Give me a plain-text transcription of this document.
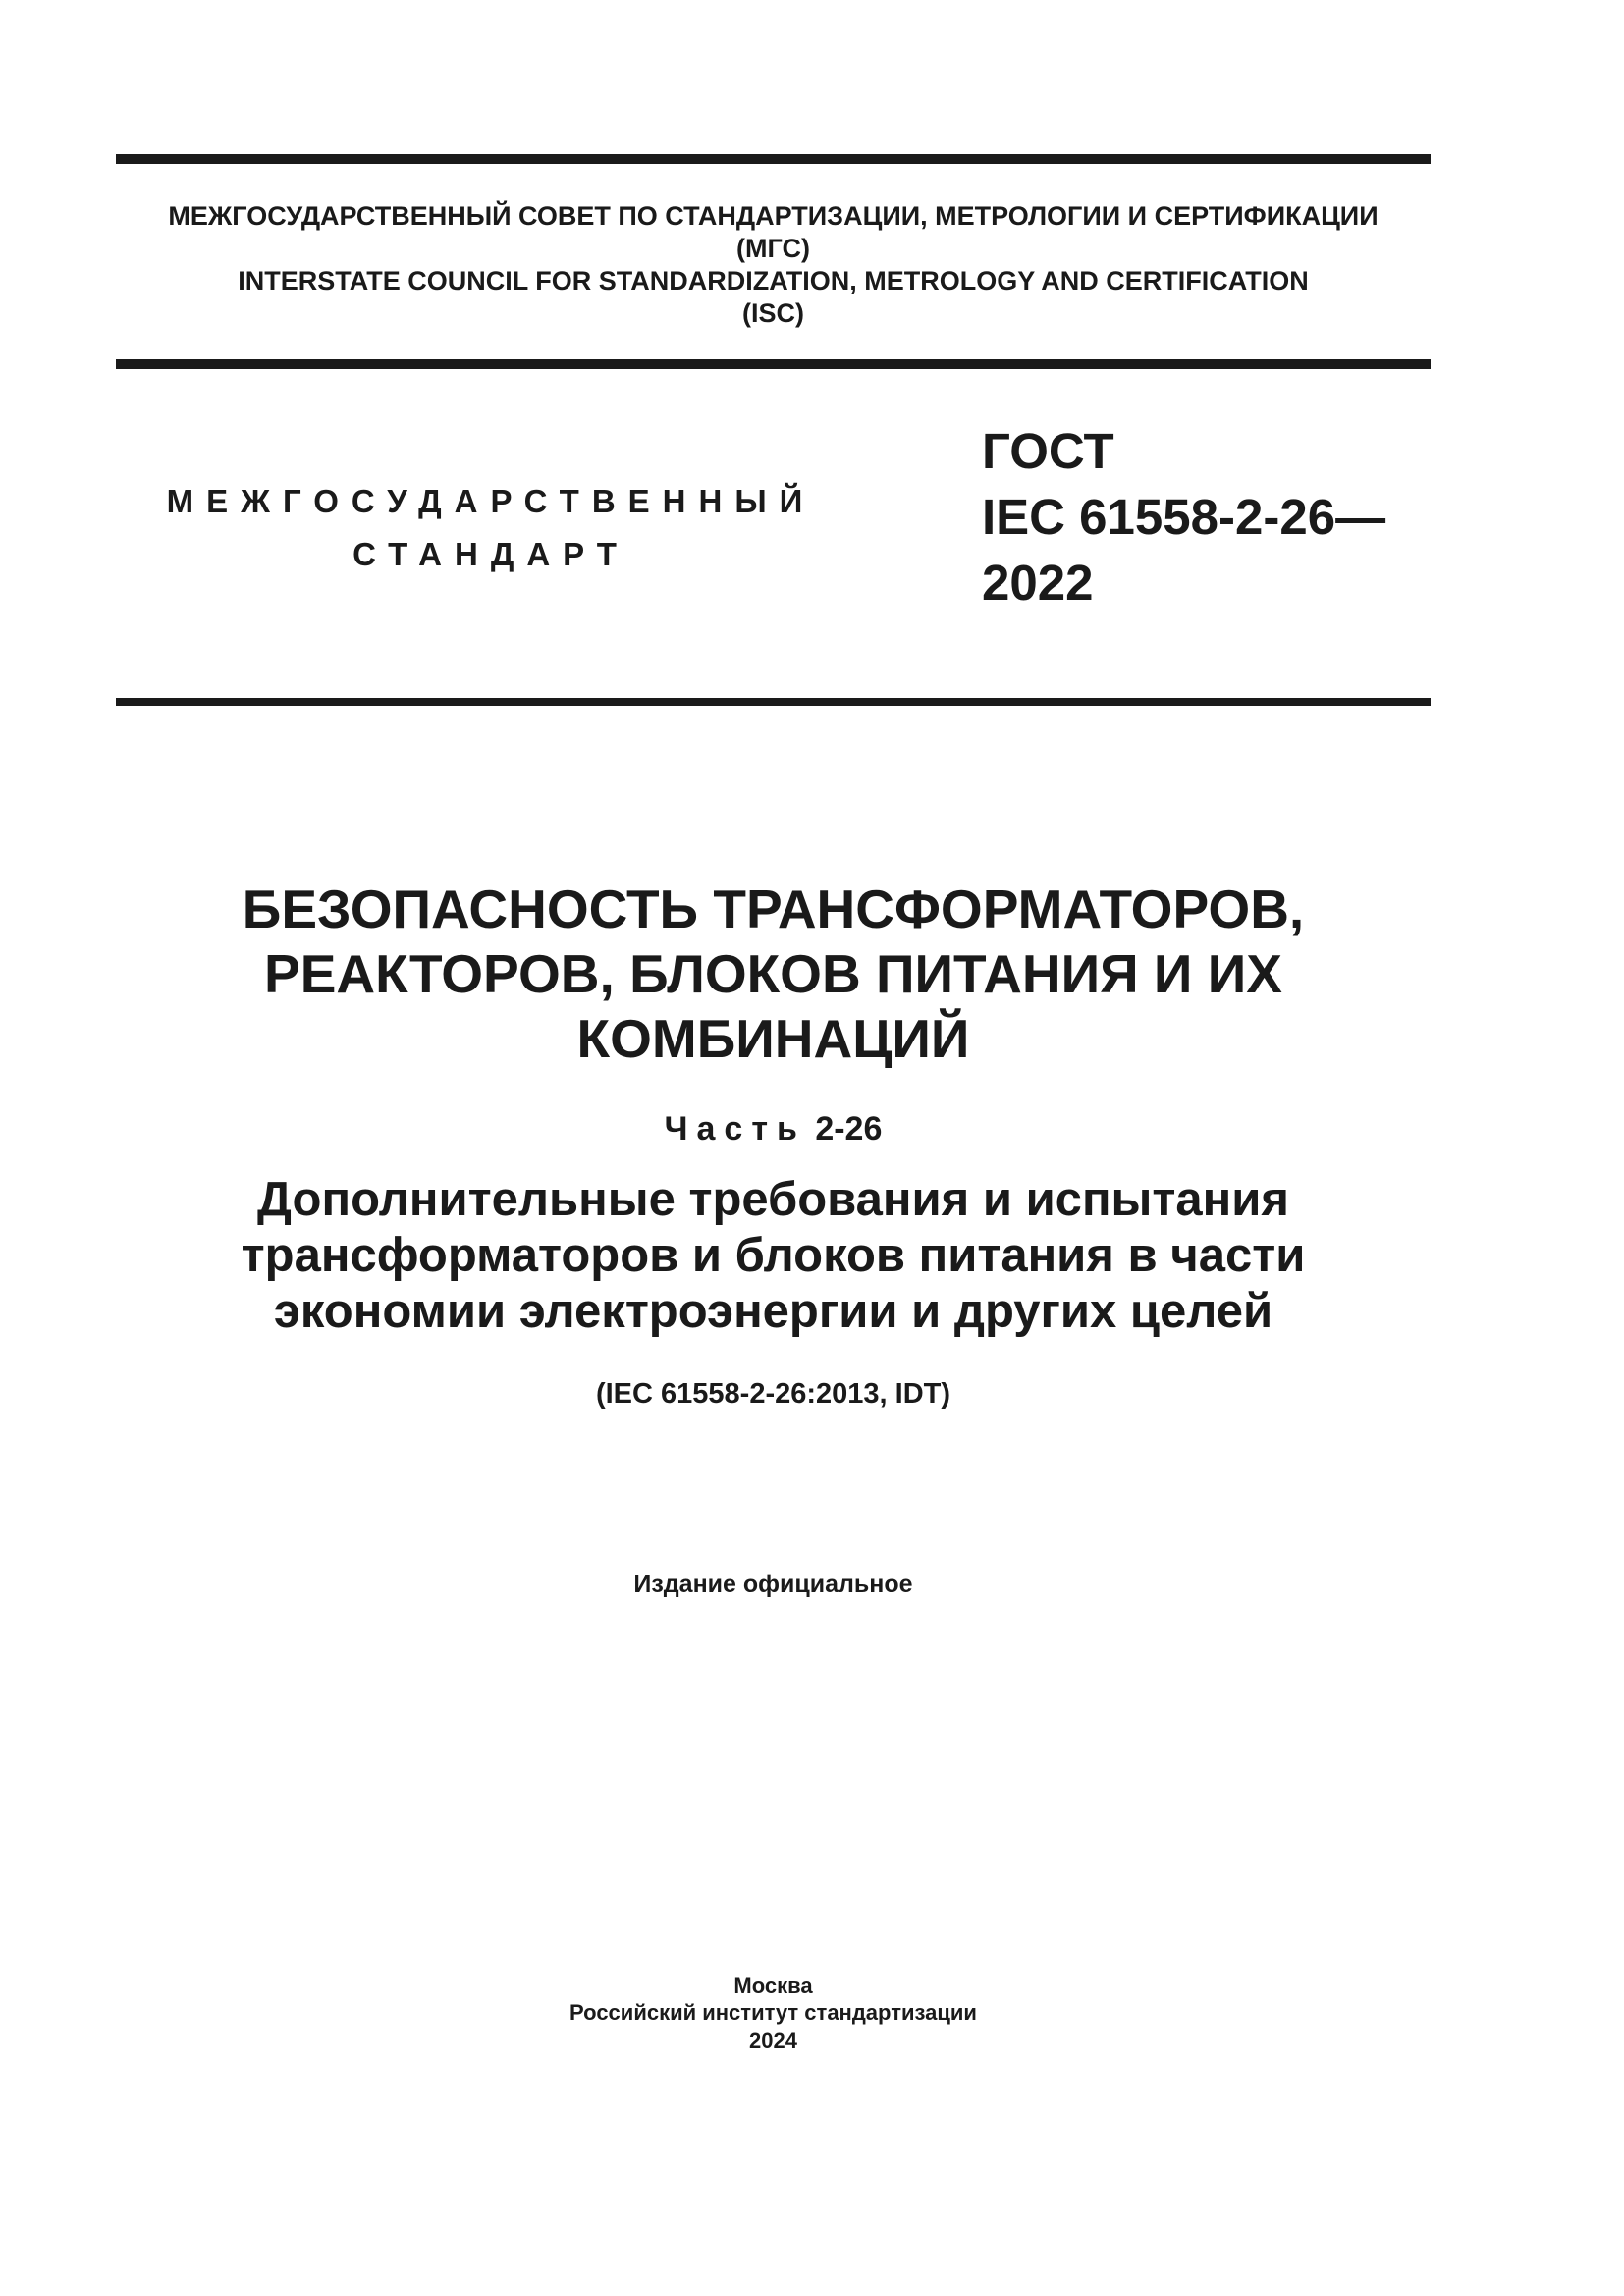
МЕЖГОСУДАРСТВЕННЫЙ СОВЕТ ПО СТАНДАРТИЗАЦИИ, МЕТРОЛОГИИ И СЕРТИФИКАЦИИ
(МГС)
INTERSTATE COUNCIL FOR STANDARDIZATION, METROLOGY AND CERTIFICATION
(ISC)
МЕЖГОСУДАРСТВЕННЫЙ
СТАНДАРТ
ГОСТ
IEC 61558-2-26—
2022
БЕЗОПАСНОСТЬ ТРАНСФОРМАТОРОВ,
РЕАКТОРОВ, БЛОКОВ ПИТАНИЯ И ИХ
КОМБИНАЦИЙ
Часть 2-26
Дополнительные требования и испытания
трансформаторов и блоков питания в части
экономии электроэнергии и других целей
(IEC 61558-2-26:2013, IDT)
Издание официальное
Москва
Российский институт стандартизации
2024
